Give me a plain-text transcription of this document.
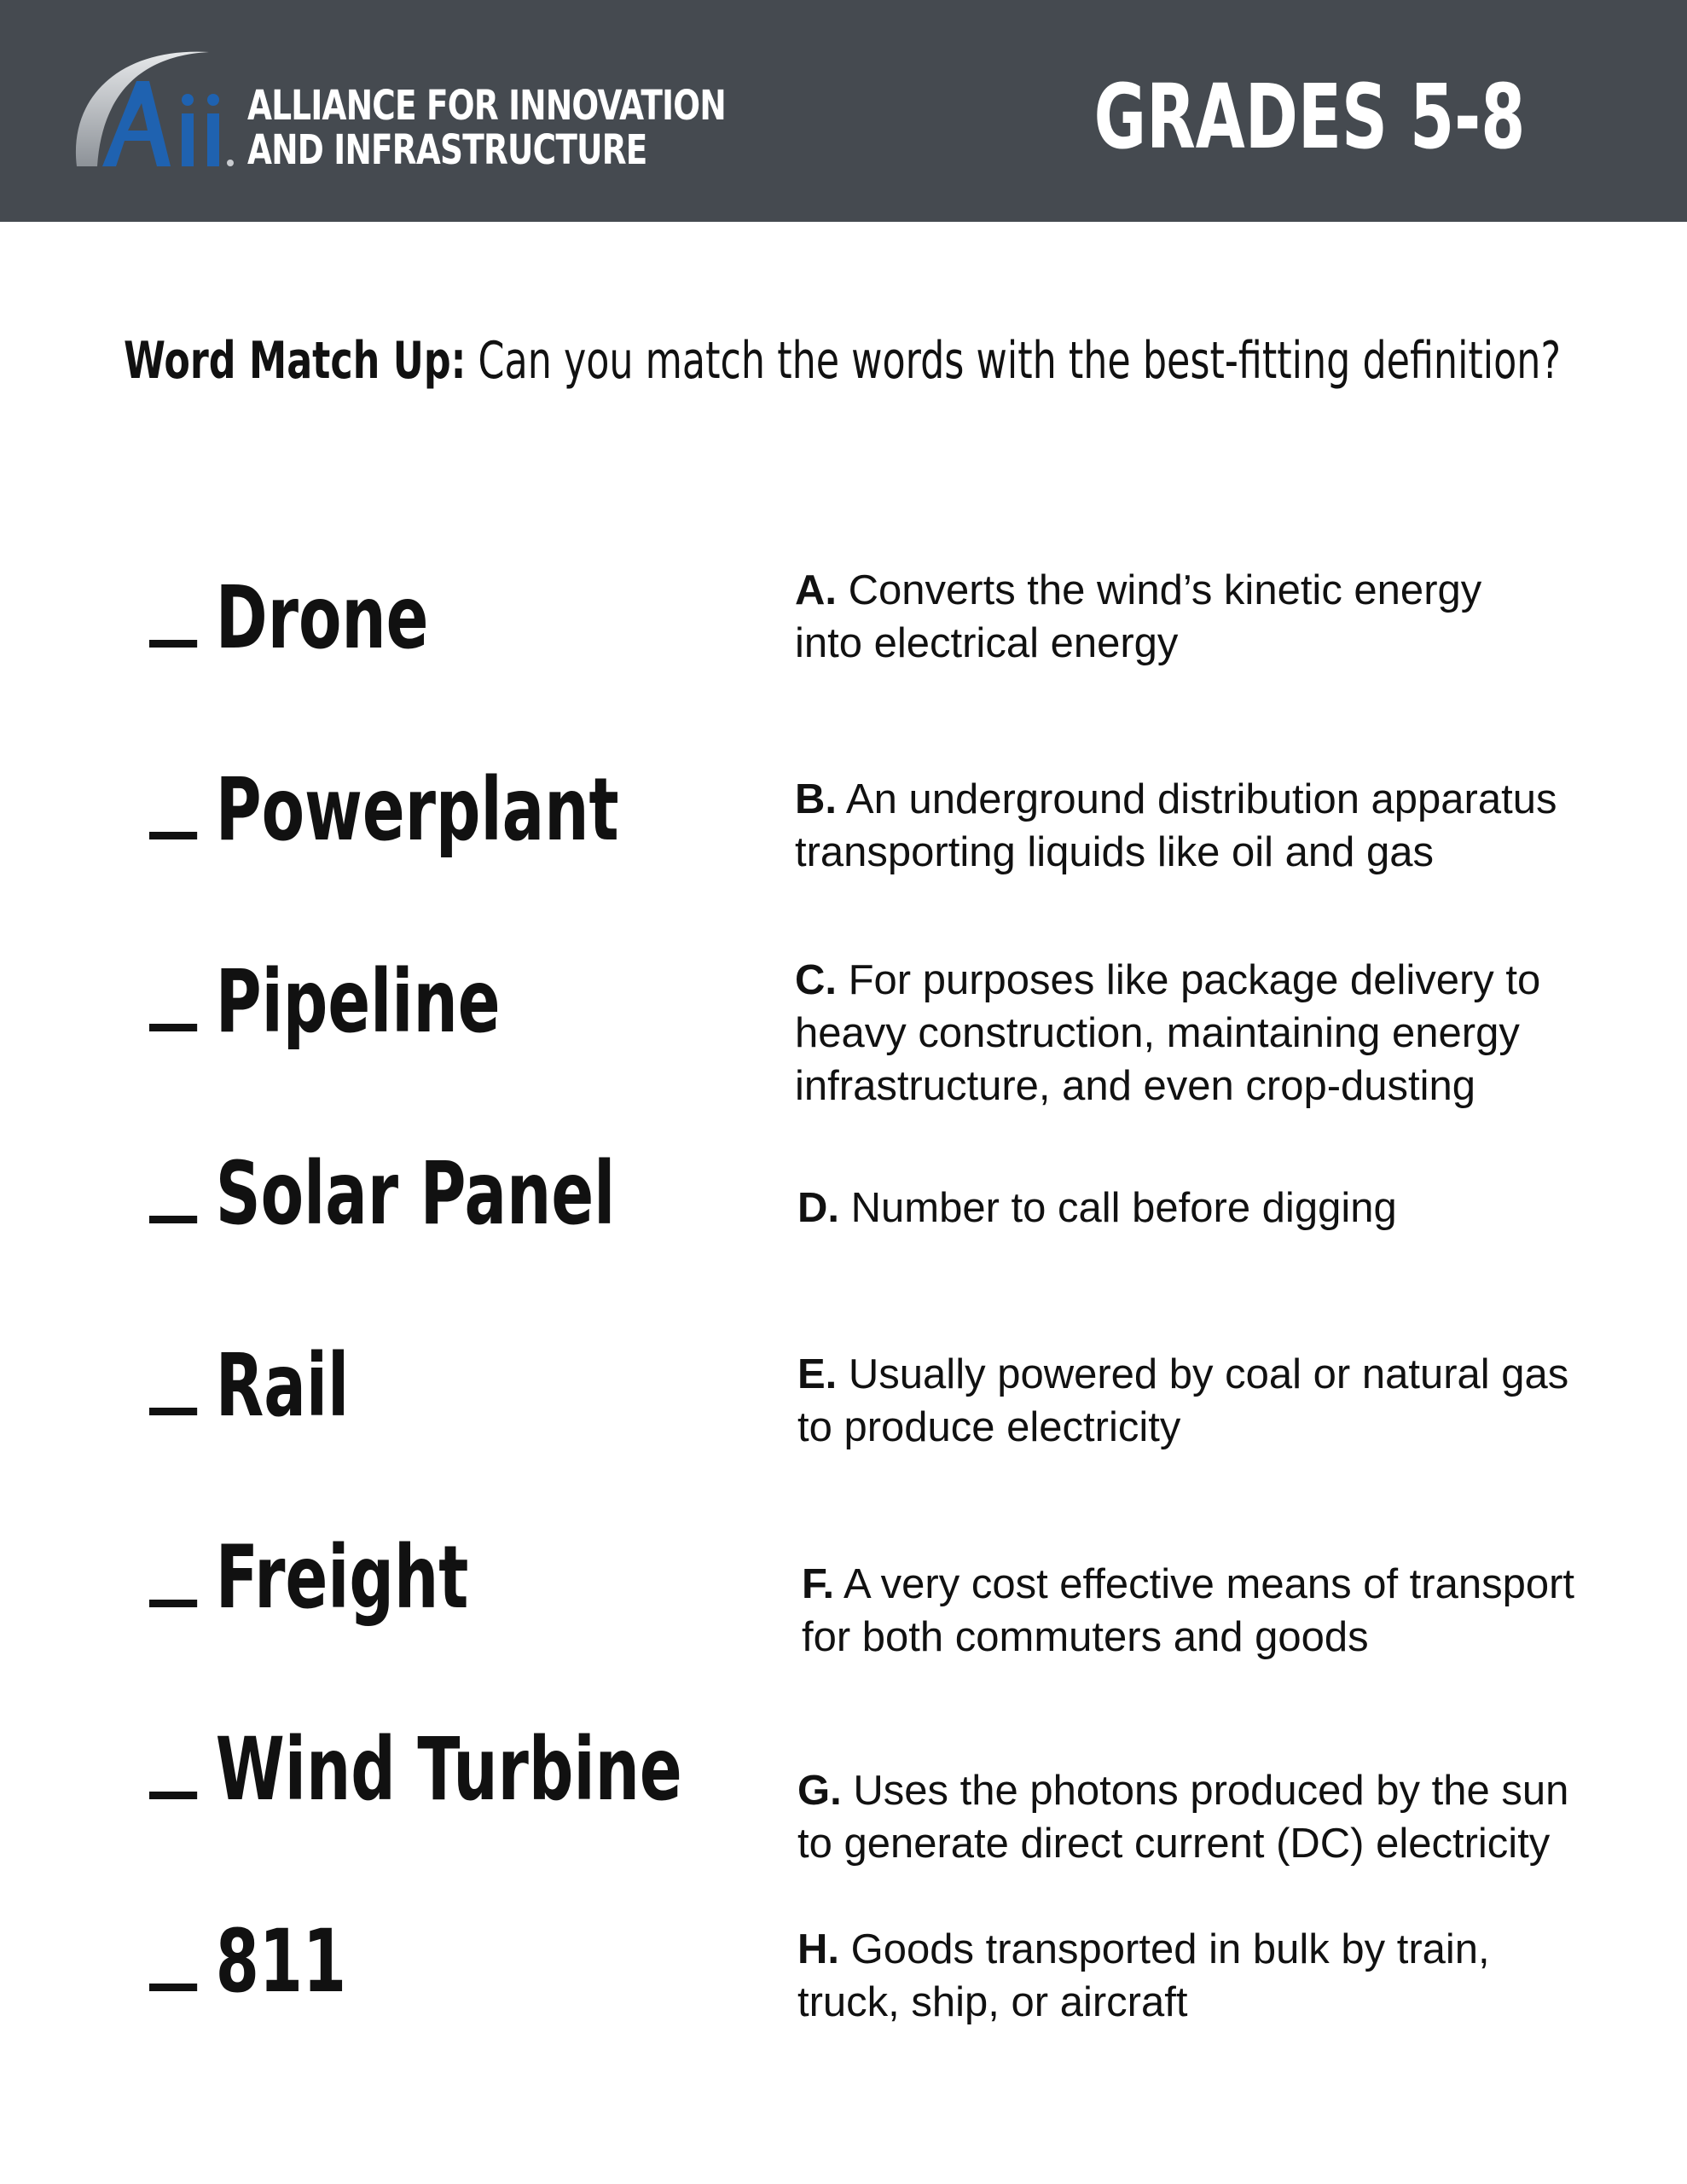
ALLIANCE FOR INNOVATION
AND INFRASTRUCTURE	GRADES 5-8
Word Match Up: Can you match the words with the best-fitting definition?
Drone
Powerplant
Pipeline
Solar Panel
Rail
Freight
Wind Turbine
811
A. Converts the wind’s kinetic energy
into electrical energy
B. An underground distribution apparatus
transporting liquids like oil and gas
C. For purposes like package delivery to
heavy construction, maintaining energy
infrastructure, and even crop-dusting
D. Number to call before digging
E. Usually powered by coal or natural gas
to produce electricity
F. A very cost effective means of transport
for both commuters and goods
G. Uses the photons produced by the sun
to generate direct current (DC) electricity
H. Goods transported in bulk by train,
truck, ship, or aircraft
